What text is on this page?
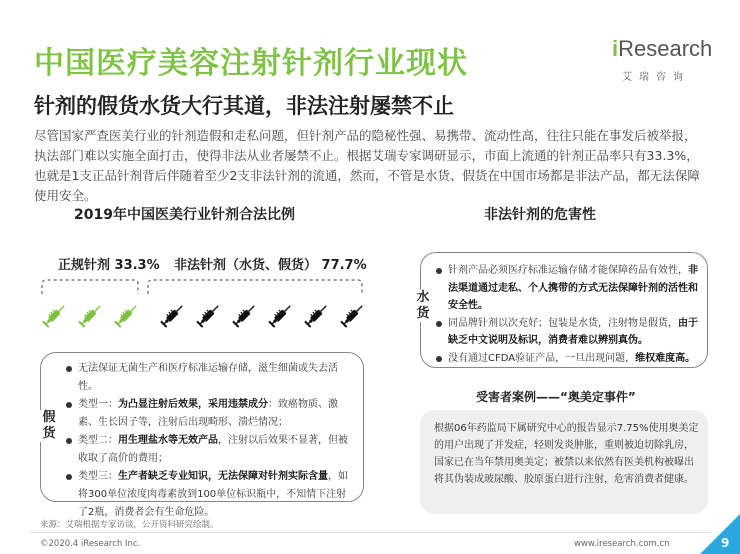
中国医疗美容注射针剂行业现状
针剂的假货水货大行其道，非法注射屡禁不止
iResearch
艾瑞咨询
尽管国家严查医美行业的针剂造假和走私问题，但针剂产品的隐秘性强、易携带、流动性高，往往只能在事发后被举报，执法部门难以实施全面打击，使得非法从业者屡禁不止。根据艾瑞专家调研显示，市面上流通的针剂正品率只有33.3%，也就是1支正品针剂背后伴随着至少2支非法针剂的流通，然而，不管是水货、假货在中国市场都是非法产品，都无法保障使用安全。
2019年中国医美行业针剂合法比例	非法针剂的危害性
正规针剂 33.3% 非法针剂（水货、假货） 77.7%
假货
无法保证无菌生产和医疗标准运输存储，滋生细菌或失去活性。
类型一：为凸显注射后效果，采用违禁成分：致癌物质、激素、生长因子等，注射后出现畸形、溃烂情况；
类型二：用生理盐水等无效产品，注射以后效果不显著，但被收取了高价的费用；
类型三：生产者缺乏专业知识，无法保障对针剂实际含量，如将300单位浓度肉毒素放到100单位标识瓶中，不知情下注射了2瓶，消费者会有生命危险。
水货
针剂产品必须医疗标准运输存储才能保障药品有效性，非法渠道通过走私、个人携带的方式无法保障针剂的活性和安全性。
同品牌针剂以次充好；包装是水货，注射物是假货，由于缺乏中文说明及标识，消费者难以辨别真伪。
没有通过CFDA验证产品，一旦出现问题，维权难度高。
受害者案例——“奥美定事件”
根据06年药监局下属研究中心的报告显示7.75%使用奥美定的用户出现了并发症，轻则发炎肿胀，重则被迫切除乳房，国家已在当年禁用奥美定；被禁以来依然有医美机构被曝出将其伪装成玻尿酸、胶原蛋白进行注射，危害消费者健康。
来源：艾瑞根据专家访谈，公开资料研究绘制。
©2020.4 iResearch Inc.	www.iresearch.com.cn	9
